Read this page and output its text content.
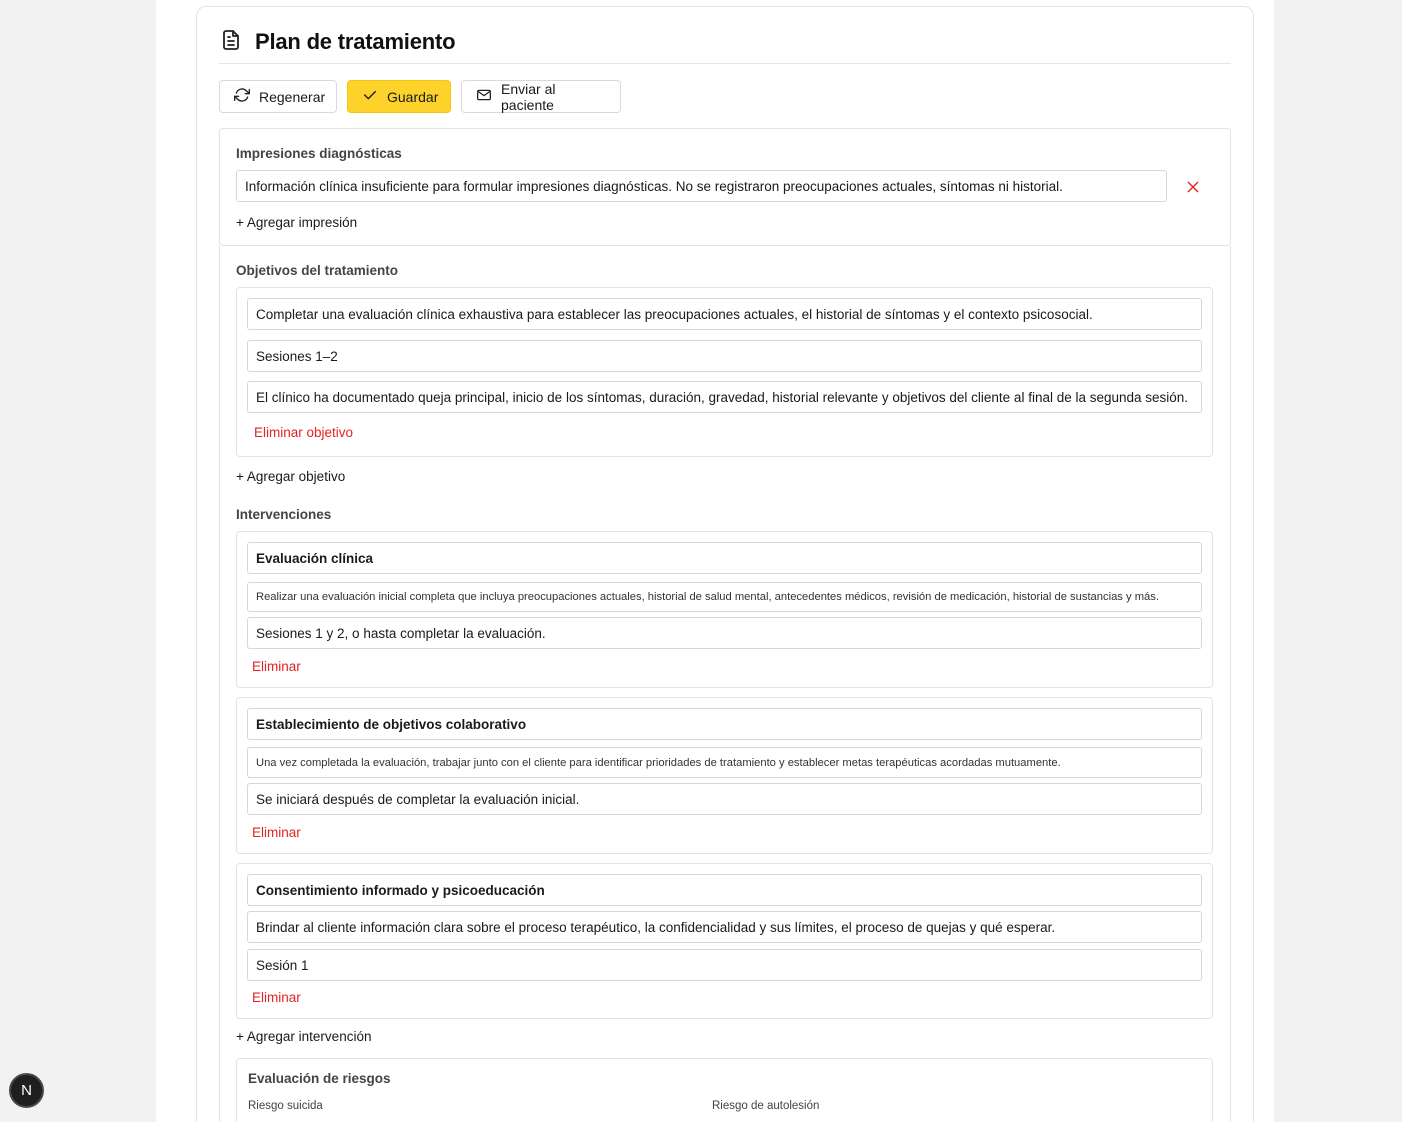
Plan de tratamiento
Regenerar	Guardar	Enviar al paciente
Impresiones diagnósticas
Información clínica insuficiente para formular impresiones diagnósticas. No se registraron preocupaciones actuales, síntomas ni historial.
+ Agregar impresión
Objetivos del tratamiento
Completar una evaluación clínica exhaustiva para establecer las preocupaciones actuales, el historial de síntomas y el contexto psicosocial.
Sesiones 1–2
El clínico ha documentado queja principal, inicio de los síntomas, duración, gravedad, historial relevante y objetivos del cliente al final de la segunda sesión.
Eliminar objetivo
+ Agregar objetivo
Intervenciones
Evaluación clínica
Realizar una evaluación inicial completa que incluya preocupaciones actuales, historial de salud mental, antecedentes médicos, revisión de medicación, historial de sustancias y más.
Sesiones 1 y 2, o hasta completar la evaluación.
Eliminar
Establecimiento de objetivos colaborativo
Una vez completada la evaluación, trabajar junto con el cliente para identificar prioridades de tratamiento y establecer metas terapéuticas acordadas mutuamente.
Se iniciará después de completar la evaluación inicial.
Eliminar
Consentimiento informado y psicoeducación
Brindar al cliente información clara sobre el proceso terapéutico, la confidencialidad y sus límites, el proceso de quejas y qué esperar.
Sesión 1
Eliminar
+ Agregar intervención
Evaluación de riesgos
Riesgo suicida	Riesgo de autolesión
N
